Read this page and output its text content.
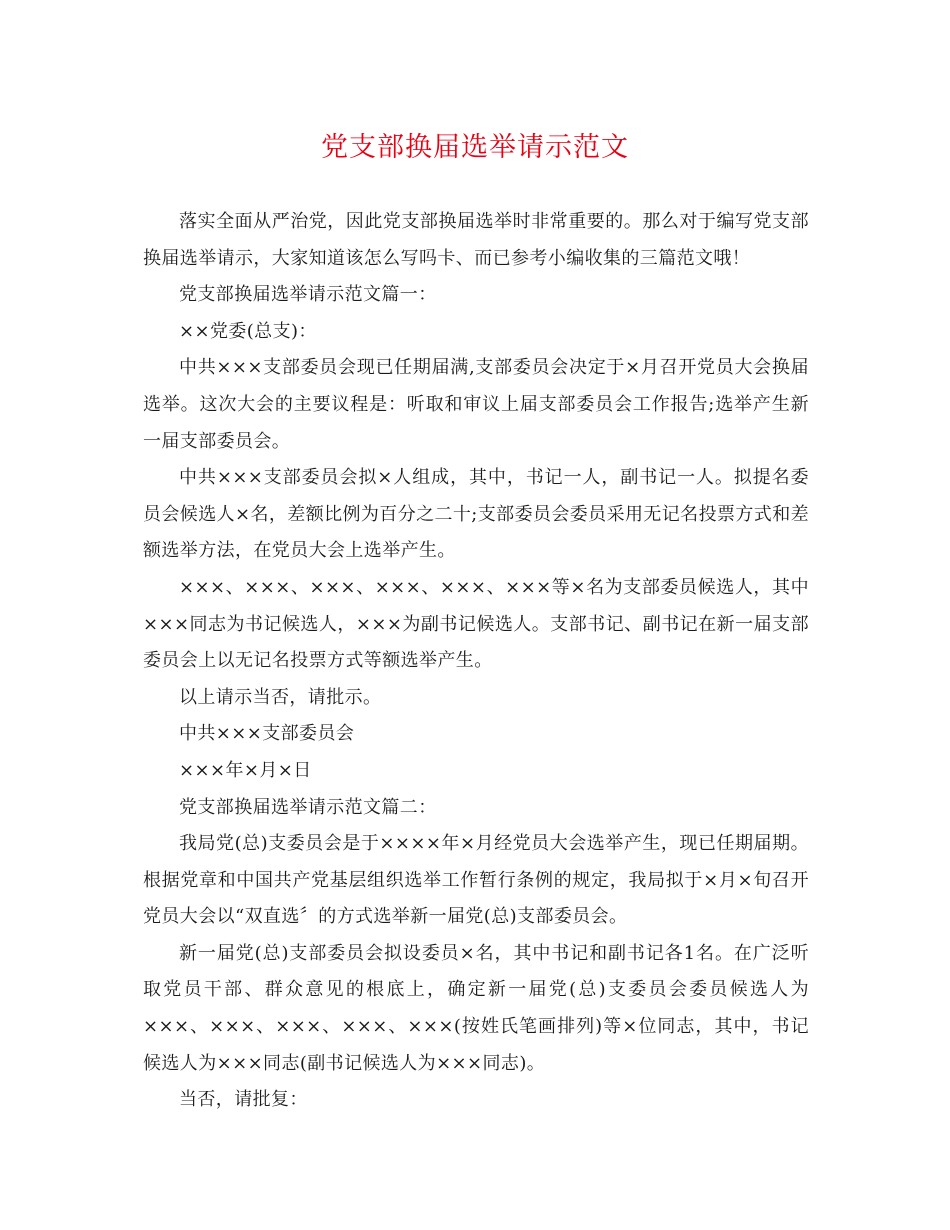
党支部换届选举请示范文

落实全面从严治党，因此党支部换届选举时非常重要的。那么对于编写党支部换届选举请示，大家知道该怎么写吗卡、而已参考小编收集的三篇范文哦！

党支部换届选举请示范文篇一：

××党委(总支)：

中共×××支部委员会现已任期届满,支部委员会决定于×月召开党员大会换届选举。这次大会的主要议程是：听取和审议上届支部委员会工作报告;选举产生新一届支部委员会。

中共×××支部委员会拟×人组成，其中，书记一人，副书记一人。拟提名委员会候选人×名，差额比例为百分之二十;支部委员会委员采用无记名投票方式和差额选举方法，在党员大会上选举产生。

×××、×××、×××、×××、×××、×××等×名为支部委员候选人，其中×××同志为书记候选人，×××为副书记候选人。支部书记、副书记在新一届支部委员会上以无记名投票方式等额选举产生。

以上请示当否，请批示。

中共×××支部委员会

×××年×月×日

党支部换届选举请示范文篇二：

我局党(总)支委员会是于××××年×月经党员大会选举产生，现已任期届期。根据党章和中国共产党基层组织选举工作暂行条例的规定，我局拟于×月×旬召开党员大会以“双直选〞的方式选举新一届党(总)支部委员会。

新一届党(总)支部委员会拟设委员×名，其中书记和副书记各1名。在广泛听取党员干部、群众意见的根底上，确定新一届党(总)支委员会委员候选人为×××、×××、×××、×××、×××(按姓氏笔画排列)等×位同志，其中，书记候选人为×××同志(副书记候选人为×××同志)。

当否，请批复：
